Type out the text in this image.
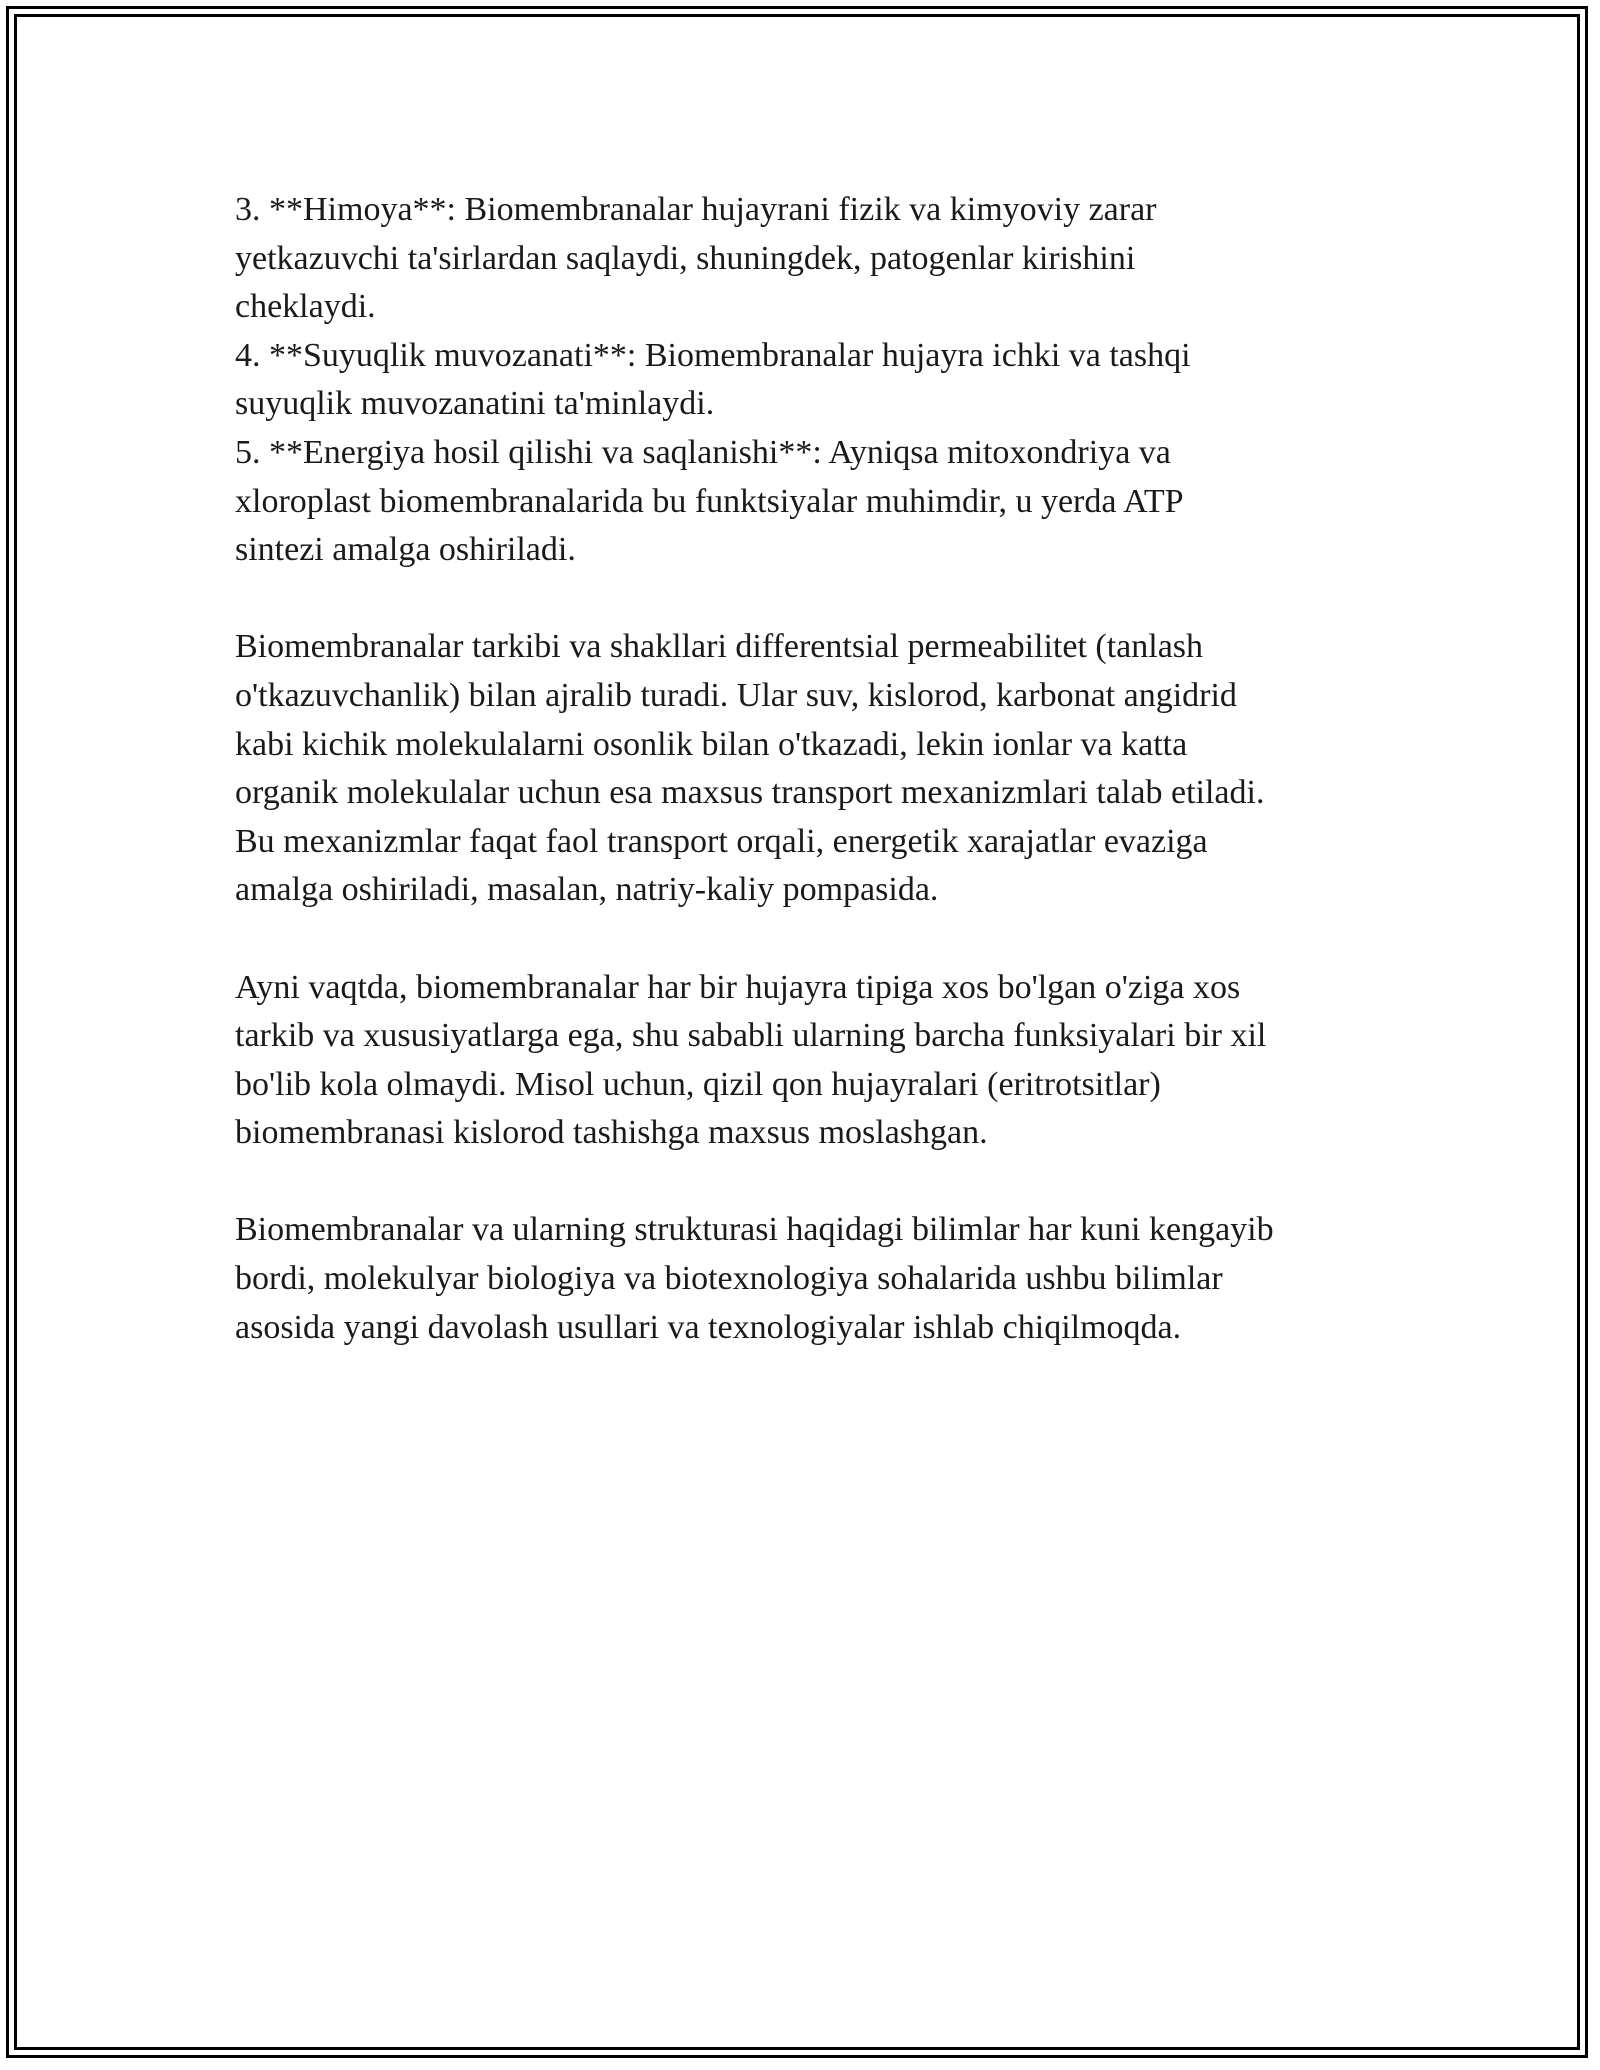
3. **Himoya**: Biomembranalar hujayrani fizik va kimyoviy zarar

yetkazuvchi ta'sirlardan saqlaydi, shuningdek, patogenlar kirishini

cheklaydi.

4. **Suyuqlik muvozanati**: Biomembranalar hujayra ichki va tashqi

suyuqlik muvozanatini ta'minlaydi.

5. **Energiya hosil qilishi va saqlanishi**: Ayniqsa mitoxondriya va

xloroplast biomembranalarida bu funktsiyalar muhimdir, u yerda ATP

sintezi amalga oshiriladi.

Biomembranalar tarkibi va shakllari differentsial permeabilitet (tanlash

o'tkazuvchanlik) bilan ajralib turadi. Ular suv, kislorod, karbonat angidrid

kabi kichik molekulalarni osonlik bilan o'tkazadi, lekin ionlar va katta

organik molekulalar uchun esa maxsus transport mexanizmlari talab etiladi.

Bu mexanizmlar faqat faol transport orqali, energetik xarajatlar evaziga

amalga oshiriladi, masalan, natriy-kaliy pompasida.

Ayni vaqtda, biomembranalar har bir hujayra tipiga xos bo'lgan o'ziga xos

tarkib va xususiyatlarga ega, shu sababli ularning barcha funksiyalari bir xil

bo'lib kola olmaydi. Misol uchun, qizil qon hujayralari (eritrotsitlar)

biomembranasi kislorod tashishga maxsus moslashgan.

Biomembranalar va ularning strukturasi haqidagi bilimlar har kuni kengayib

bordi, molekulyar biologiya va biotexnologiya sohalarida ushbu bilimlar

asosida yangi davolash usullari va texnologiyalar ishlab chiqilmoqda.
